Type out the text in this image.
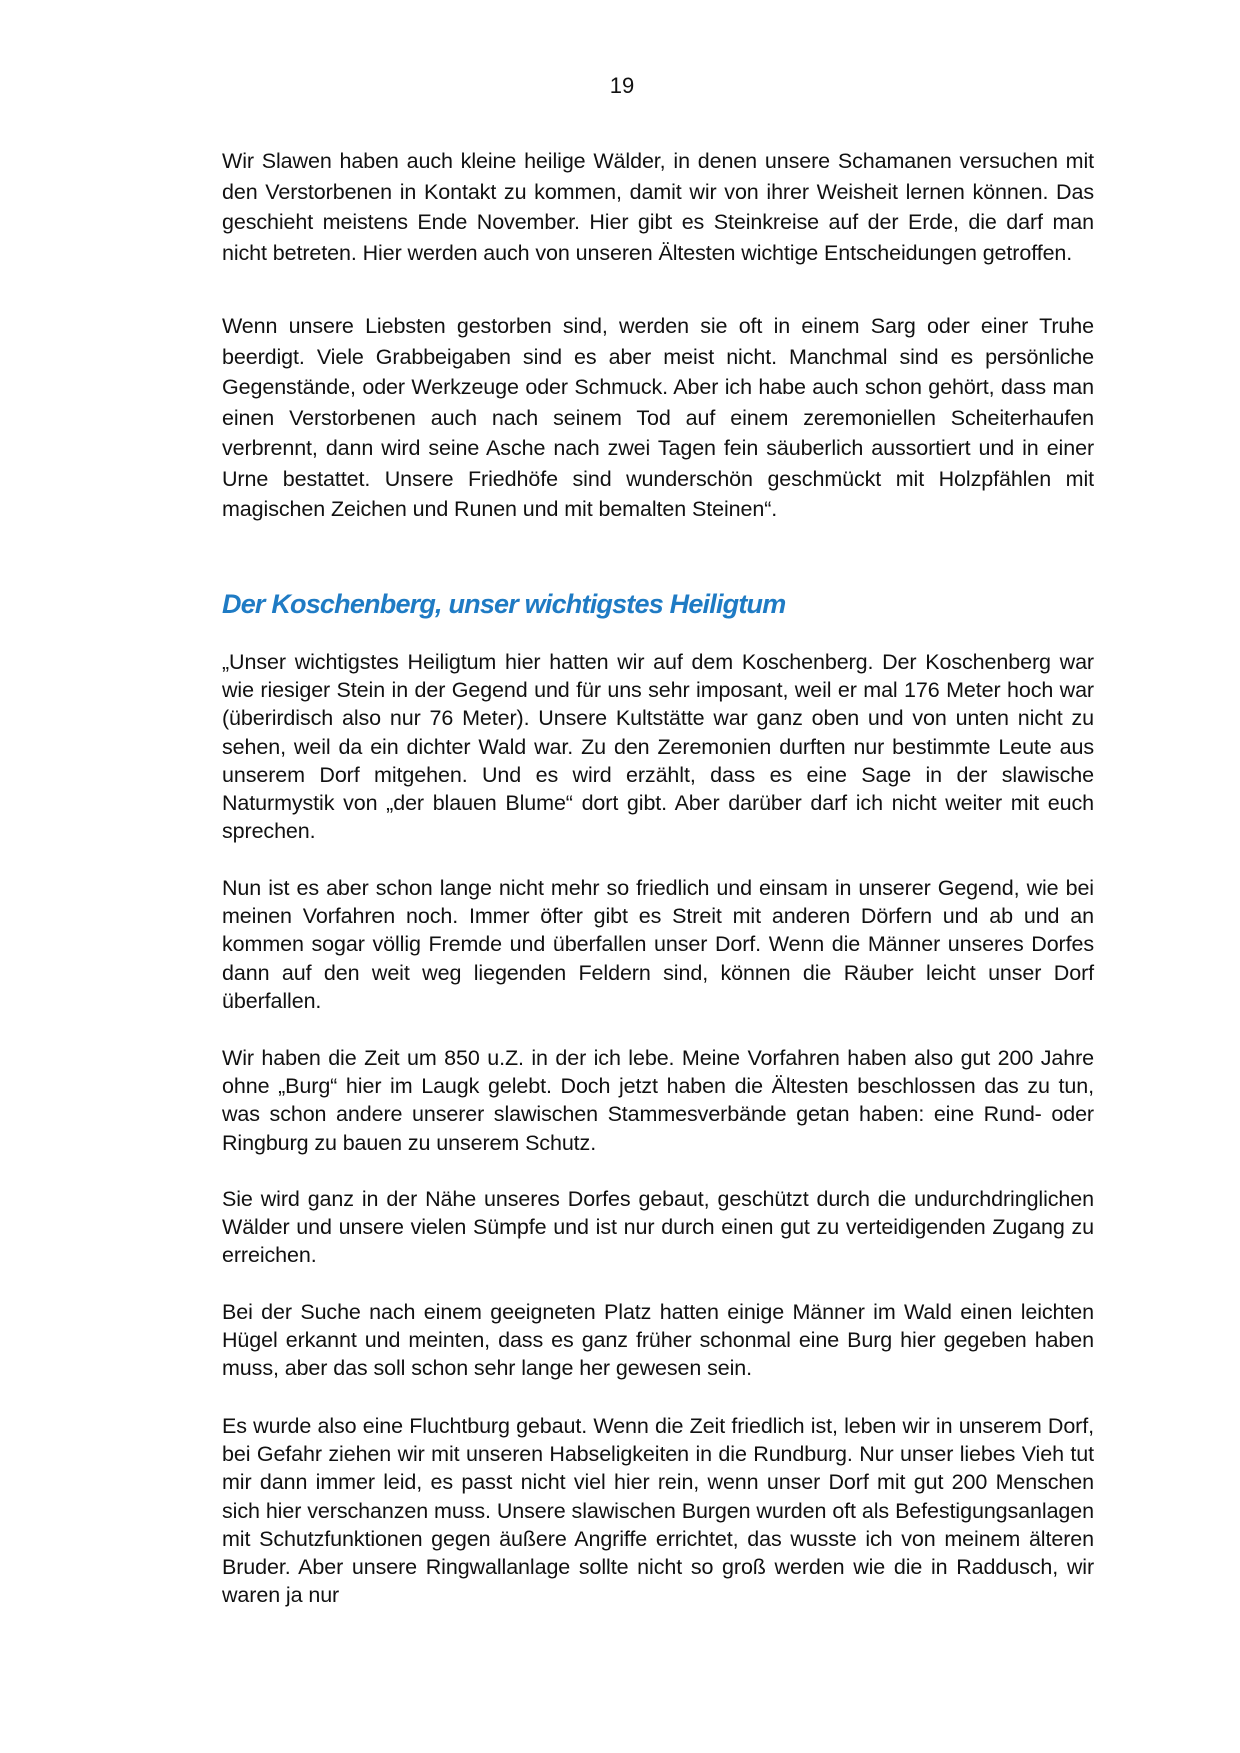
19

Wir Slawen haben auch kleine heilige Wälder, in denen unsere Schamanen versuchen mit den Verstorbenen in Kontakt zu kommen, damit wir von ihrer Weisheit lernen können. Das geschieht meistens Ende November. Hier gibt es Steinkreise auf der Erde, die darf man nicht betreten. Hier werden auch von unseren Ältesten wichtige Entscheidungen getroffen.

Wenn unsere Liebsten gestorben sind, werden sie oft in einem Sarg oder einer Truhe beerdigt. Viele Grabbeigaben sind es aber meist nicht. Manchmal sind es persönliche Gegenstände, oder Werkzeuge oder Schmuck. Aber ich habe auch schon gehört, dass man einen Verstorbenen auch nach seinem Tod auf einem zeremoniellen Scheiterhaufen verbrennt, dann wird seine Asche nach zwei Tagen fein säuberlich aussortiert und in einer Urne bestattet. Unsere Friedhöfe sind wunderschön geschmückt mit Holzpfählen mit magischen Zeichen und Runen und mit bemalten Steinen“.

Der Koschenberg, unser wichtigstes Heiligtum

„Unser wichtigstes Heiligtum hier hatten wir auf dem Koschenberg. Der Koschenberg war wie riesiger Stein in der Gegend und für uns sehr imposant, weil er mal 176 Meter hoch war (überirdisch also nur 76 Meter). Unsere Kultstätte war ganz oben und von unten nicht zu sehen, weil da ein dichter Wald war. Zu den Zeremonien durften nur bestimmte Leute aus unserem Dorf mitgehen. Und es wird erzählt, dass es eine Sage in der slawische Naturmystik von „der blauen Blume“ dort gibt. Aber darüber darf ich nicht weiter mit euch sprechen.

Nun ist es aber schon lange nicht mehr so friedlich und einsam in unserer Gegend, wie bei meinen Vorfahren noch. Immer öfter gibt es Streit mit anderen Dörfern und ab und an kommen sogar völlig Fremde und überfallen unser Dorf. Wenn die Männer unseres Dorfes dann auf den weit weg liegenden Feldern sind, können die Räuber leicht unser Dorf überfallen.

Wir haben die Zeit um 850 u.Z. in der ich lebe. Meine Vorfahren haben also gut 200 Jahre ohne „Burg“ hier im Laugk gelebt. Doch jetzt haben die Ältesten beschlossen das zu tun, was schon andere unserer slawischen Stammesverbände getan haben: eine Rund- oder Ringburg zu bauen zu unserem Schutz.

Sie wird ganz in der Nähe unseres Dorfes gebaut, geschützt durch die undurchdringlichen Wälder und unsere vielen Sümpfe und ist nur durch einen gut zu verteidigenden Zugang zu erreichen.

Bei der Suche nach einem geeigneten Platz hatten einige Männer im Wald einen leichten Hügel erkannt und meinten, dass es ganz früher schonmal eine Burg hier gegeben haben muss, aber das soll schon sehr lange her gewesen sein.

Es wurde also eine Fluchtburg gebaut. Wenn die Zeit friedlich ist, leben wir in unserem Dorf, bei Gefahr ziehen wir mit unseren Habseligkeiten in die Rundburg. Nur unser liebes Vieh tut mir dann immer leid, es passt nicht viel hier rein, wenn unser Dorf mit gut 200 Menschen sich hier verschanzen muss. Unsere slawischen Burgen wurden oft als Befestigungsanlagen mit Schutzfunktionen gegen äußere Angriffe errichtet, das wusste ich von meinem älteren Bruder. Aber unsere Ringwallanlage sollte nicht so groß werden wie die in Raddusch, wir waren ja nur
